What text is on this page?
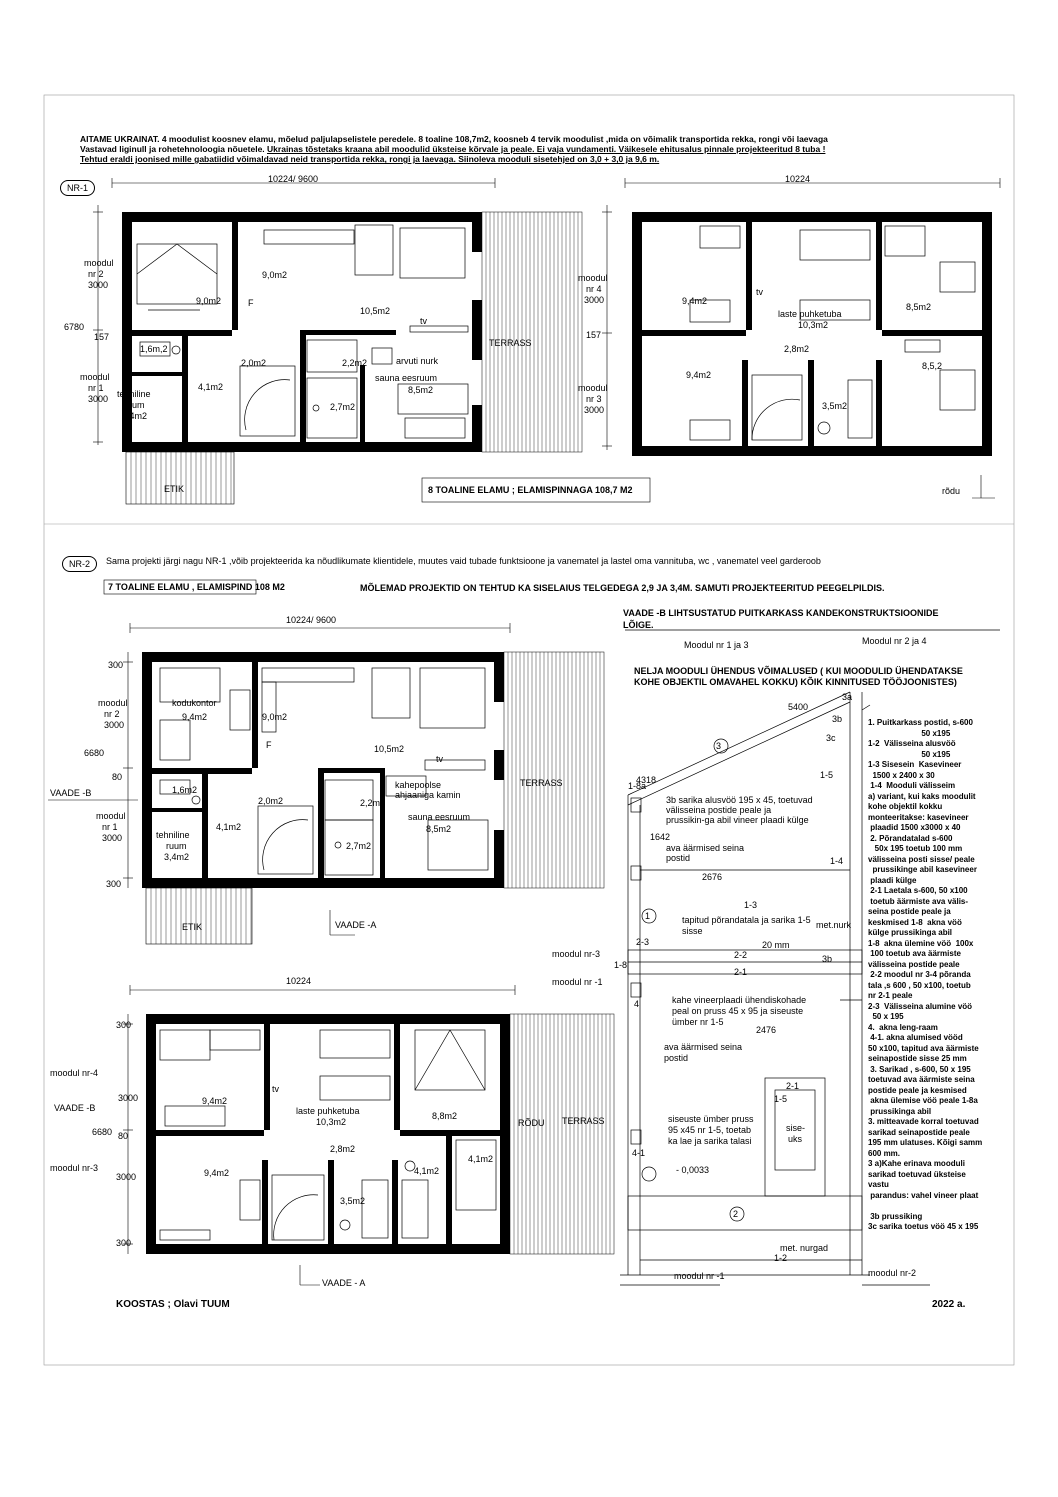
AITAME UKRAINAT. 4 moodulist koosnev elamu, mõelud paljulapselistele peredele. 8 toaline 108,7m2, koosneb 4 tervik moodulist ,mida on võimalik transportida rekka, rongi või laevaga
Vastavad liginull ja rohetehnoloogia nõuetele. Ukrainas tõstetaks kraana abil moodulid üksteise kõrvale ja peale. Ei vaja vundamenti. Väikesele ehitusalus pinnale projekteeritud 8 tuba !
Tehtud eraldi joonised mille gabatiidid võimaldavad neid transportida rekka, rongi ja laevaga. Siinoleva mooduli sisetehjed on 3,0 + 3,0 ja 9,6 m.
NR-1
10224/ 9600	10224
moodul
nr 2
3000
6780
157
moodul
nr 1
3000
9,0m2
9,0m2
F
10,5m2
tv
1,6m,2
2,0m2	2,2m2	arvuti nurk
4,1m2
sauna eesruum
8,5m2
tehniline
ruum
3,4m2
2,7m2
TERRASS
ETIK
moodul
nr 4
3000
157
moodul
nr 3
3000
9,4m2
tv
laste puhketuba
10,3m2
8,5m2
2,8m2
9,4m2
8,5,2
3,5m2
rõdu
8 TOALINE ELAMU ; ELAMISPINNAGA 108,7 M2
NR-2	Sama projekti järgi nagu NR-1 ,võib projekteerida ka nõudlikumate klientidele, muutes vaid tubade funktsioone ja vanematel ja lastel oma vannituba, wc , vanematel veel garderoob
7 TOALINE ELAMU , ELAMISPIND 108 M2	MÕLEMAD PROJEKTID ON TEHTUD KA SISELAIUS TELGEDEGA 2,9 JA 3,4M. SAMUTI PROJEKTEERITUD PEEGELPILDIS.
10224/ 9600
300
moodul
nr 2
3000
6680
80
moodul
nr 1
3000
300
VAADE -B
kodukontor
9,4m2	9,0m2
F	10,5m2
tv
1,6m2
2,0m2	2,2m2
kahepoolse
ahjaaniga kamin
sauna eesruum
8,5m2
4,1m2
tehniline
ruum
3,4m2
2,7m2
TERRASS
ETIK	VAADE -A
10224
300
moodul nr-4
VAADE -B
3000
6680 80
moodul nr-3
3000
300
9,4m2
tv
laste puhketuba
10,3m2
8,8m2
RÕDU TERRASS
2,8m2
9,4m2	4,1m2
4,1m2
3,5m2
VAADE - A
VAADE -B LIHTSUSTATUD PUITKARKASS KANDEKONSTRUKTSIOONIDE
LÕIGE.
Moodul nr 1 ja 3	Moodul nr 2 ja 4
NELJA MOODULI ÜHENDUS VÕIMALUSED ( KUI MOODULID ÜHENDATAKSE
KOHE OBJEKTIL OMAVAHEL KOKKU) KÕIK KINNITUSED TÖÖJOONISTES)
5400
3a
3b
3c
4318
1-8a
3
1-5
3b sarika alusvöö 195 x 45, toetuvad
välisseina postide peale ja
prussikin-ga abil vineer plaadi külge
1642
ava äärmised seina
postid	1-4
2676
1-3
tapitud põrandatala ja sarika 1-5
sisse
met.nurk
20 mm
moodul nr-3
moodul nr -1
2-3
2-2
2-1
3b
1-8
kahe vineerplaadi ühendiskohade
peal on pruss 45 x 95 ja siseuste
ümber nr 1-5
2476
ava äärmised seina
postid
siseuste ümber pruss
95 x45 nr 1-5, toetab
ka lae ja sarika talasi
- 0,0033
sise-
uks
1-5
2-1
met. nurgad
1-2
moodul nr -1	moodul nr-2
4
4-1
1
2
1. Puitkarkass postid, s-600
50 x195
1-2  Välisseina alusvöö
50 x195
1-3 Sisesein  Kasevineer
1500 x 2400 x 30
1-4  Mooduli välisseim
a) variant, kui kaks moodulit
kohe objektil kokku
monteeritakse: kasevineer
plaadid 1500 x3000 x 40
2. Põrandatalad s-600
50x 195 toetub 100 mm
välisseina posti sisse/ peale
prussikinge abil kasevineer
plaadi külge
2-1 Laetala s-600, 50 x100
toetub äärmiste ava välis-
seina postide peale ja
keskmised 1-8  akna vöö
külge prussikinga abil
1-8  akna ülemine vöö  100x
100 toetub ava äärmiste
välisseina postide peale
2-2 moodul nr 3-4 põranda
tala ,s 600 , 50 x100, toetub
nr 2-1 peale
2-3  Välisseina alumine vöö
50 x 195
4.  akna leng-raam
4-1. akna alumised vööd
50 x100, tapitud ava äärmiste
seinapostide sisse 25 mm
3. Sarikad , s-600, 50 x 195
toetuvad ava äärmiste seina
postide peale ja kesmised
akna ülemise vöö peale 1-8a
prussikinga abil
3. mitteavade korral toetuvad
sarikad seinapostide peale
195 mm ulatuses. Kõigi samm
600 mm.
3 a)Kahe erinava mooduli
sarikad toetuvad üksteise
vastu
parandus: vahel vineer plaat

3b prussiking
3c sarika toetus vöö 45 x 195
KOOSTAS ; Olavi TUUM	2022 a.
